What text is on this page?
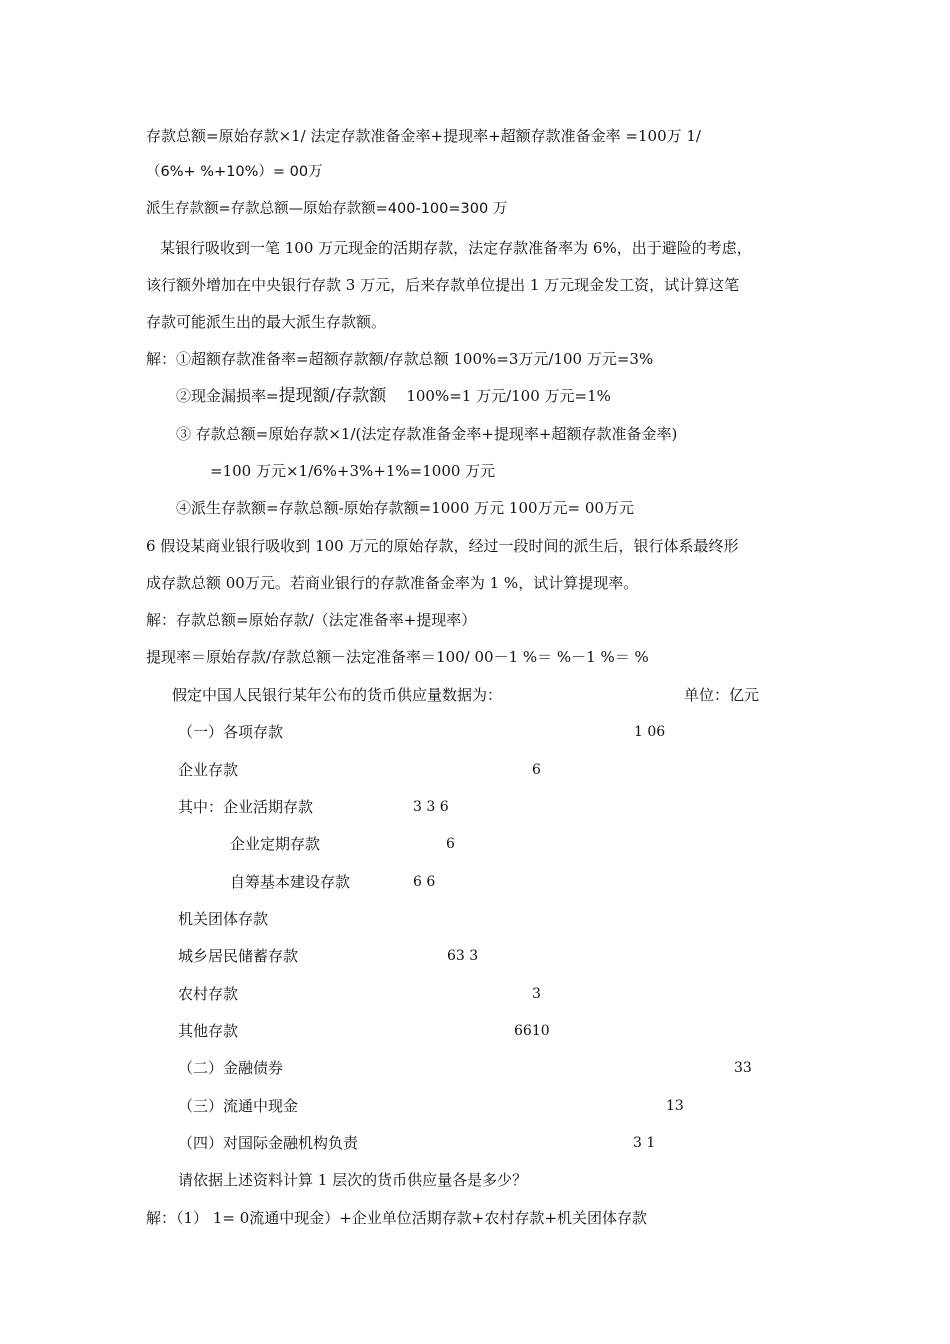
存款总额=原始存款×1/ 法定存款准备金率+提现率+超额存款准备金率 =100万 1/
（6%+ %+10%）= 00万
派生存款额=存款总额—原始存款额=400-100=300 万
某银行吸收到一笔 100 万元现金的活期存款，法定存款准备率为 6%，出于避险的考虑，
该行额外增加在中央银行存款 3 万元，后来存款单位提出 1 万元现金发工资，试计算这笔
存款可能派生出的最大派生存款额。
解：①超额存款准备率=超额存款额/存款总额 100%=3万元/100 万元=3%
②现金漏损率=提现额/存款额 100%=1 万元/100 万元=1%
③ 存款总额=原始存款×1/(法定存款准备金率+提现率+超额存款准备金率)
=100 万元×1/6%+3%+1%=1000 万元
④派生存款额=存款总额-原始存款额=1000 万元 100万元= 00万元
6 假设某商业银行吸收到 100 万元的原始存款，经过一段时间的派生后，银行体系最终形
成存款总额 00万元。若商业银行的存款准备金率为 1 %，试计算提现率。
解：存款总额=原始存款/（法定准备率+提现率）
提现率＝原始存款/存款总额－法定准备率＝100/ 00－1 %＝ %－1 %＝ %
假定中国人民银行某年公布的货币供应量数据为：	单位：亿元
（一）各项存款	1 06
企业存款	6
其中：企业活期存款	3 3 6
企业定期存款	6
自筹基本建设存款	6 6
机关团体存款
城乡居民储蓄存款	63 3
农村存款	3
其他存款	6610
（二）金融债券	33
（三）流通中现金	13
（四）对国际金融机构负责	3 1
请依据上述资料计算 1 层次的货币供应量各是多少？
解：（1） 1= 0流通中现金）+企业单位活期存款+农村存款+机关团体存款
